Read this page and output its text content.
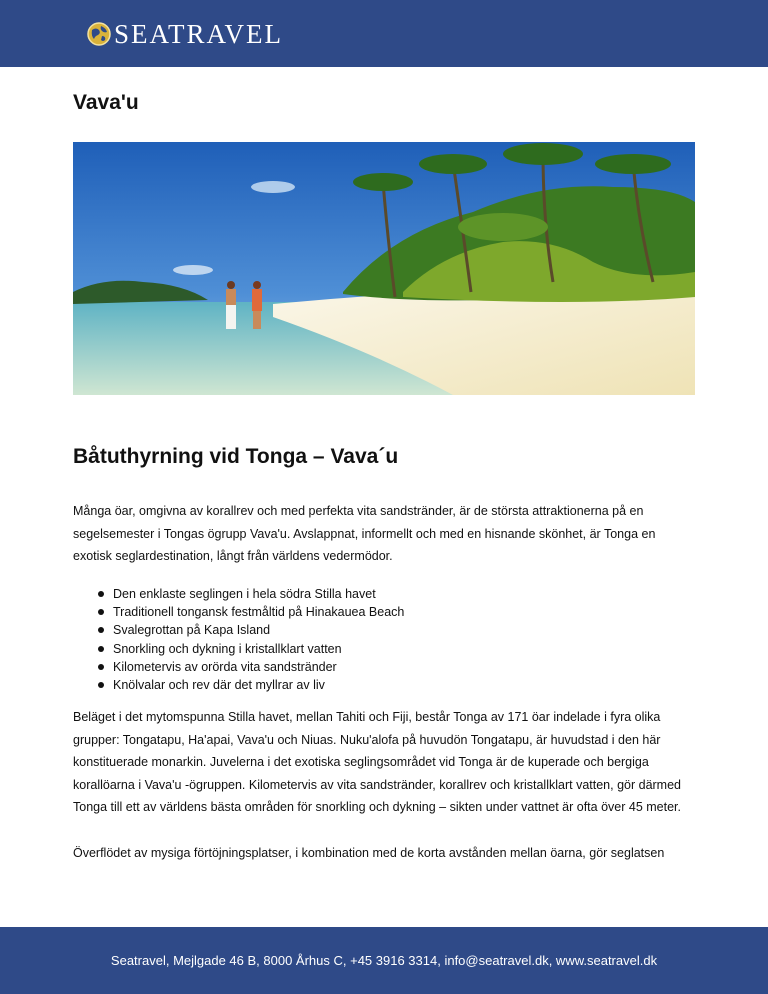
SEATRAVEL
Vava'u
Båtuthyrning vid Tonga – Vava´u

Många öar, omgivna av korallrev och med perfekta vita sandstränder, är de största attraktionerna på en segelsemester i Tongas ögrupp Vava'u. Avslappnat, informellt och med en hisnande skönhet, är Tonga en exotisk seglardestination, långt från världens vedermödor.

Den enklaste seglingen i hela södra Stilla havet
Traditionell tongansk festmåltid på Hinakauea Beach
Svalegrottan på Kapa Island
Snorkling och dykning i kristallklart vatten
Kilometervis av orörda vita sandstränder
Knölvalar och rev där det myllrar av liv

Beläget i det mytomspunna Stilla havet, mellan Tahiti och Fiji, består Tonga av 171 öar indelade i fyra olika grupper: Tongatapu, Ha'apai, Vava'u och Niuas. Nuku'alofa på huvudön Tongatapu, är huvudstad i den här konstituerade monarkin. Juvelerna i det exotiska seglingsområdet vid Tonga är de kuperade och bergiga korallöarna i Vava'u -ögruppen. Kilometervis av vita sandstränder, korallrev och kristallklart vatten, gör därmed Tonga till ett av världens bästa områden för snorkling och dykning – sikten under vattnet är ofta över 45 meter.

Överflödet av mysiga förtöjningsplatser, i kombination med de korta avstånden mellan öarna, gör seglatsen

Seatravel, Mejlgade 46 B, 8000 Århus C, +45 3916 3314, info@seatravel.dk, www.seatravel.dk
